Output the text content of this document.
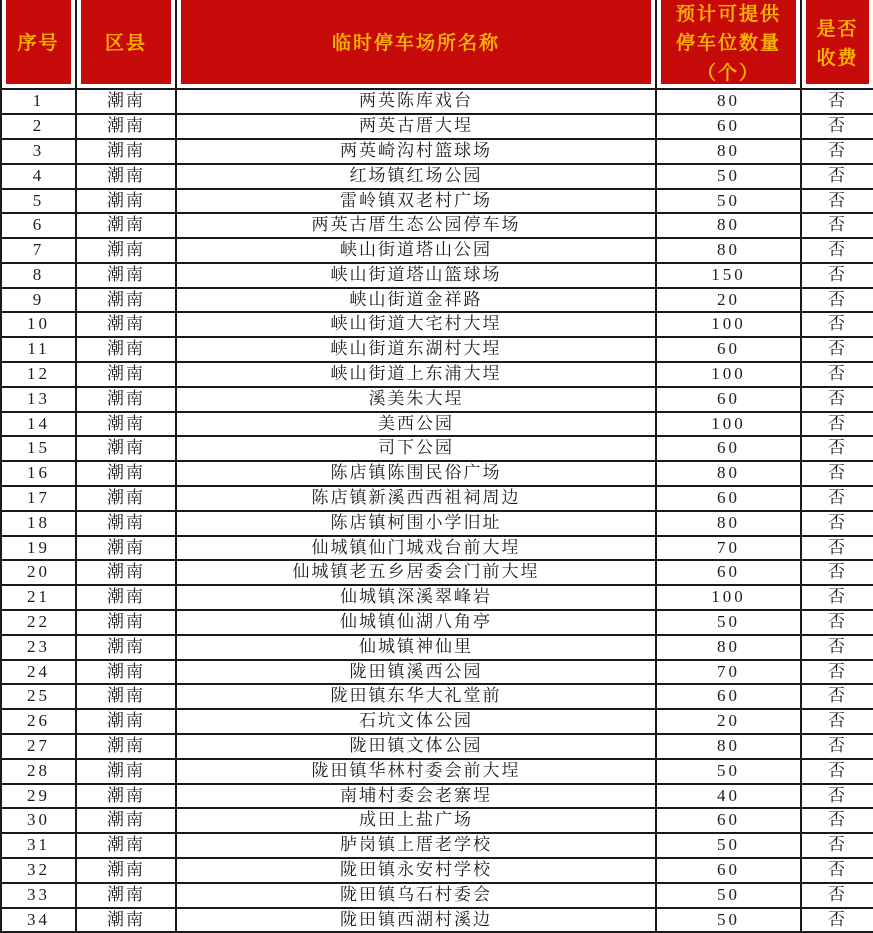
序号	区县	临时停车场所名称	预计可提供停车位数量（个）	是否收费
1	潮南	两英陈库戏台	80	否
2	潮南	两英古厝大埕	60	否
3	潮南	两英崎沟村篮球场	80	否
4	潮南	红场镇红场公园	50	否
5	潮南	雷岭镇双老村广场	50	否
6	潮南	两英古厝生态公园停车场	80	否
7	潮南	峡山街道塔山公园	80	否
8	潮南	峡山街道塔山篮球场	150	否
9	潮南	峡山街道金祥路	20	否
10	潮南	峡山街道大宅村大埕	100	否
11	潮南	峡山街道东湖村大埕	60	否
12	潮南	峡山街道上东浦大埕	100	否
13	潮南	溪美朱大埕	60	否
14	潮南	美西公园	100	否
15	潮南	司下公园	60	否
16	潮南	陈店镇陈围民俗广场	80	否
17	潮南	陈店镇新溪西西祖祠周边	60	否
18	潮南	陈店镇柯围小学旧址	80	否
19	潮南	仙城镇仙门城戏台前大埕	70	否
20	潮南	仙城镇老五乡居委会门前大埕	60	否
21	潮南	仙城镇深溪翠峰岩	100	否
22	潮南	仙城镇仙湖八角亭	50	否
23	潮南	仙城镇神仙里	80	否
24	潮南	陇田镇溪西公园	70	否
25	潮南	陇田镇东华大礼堂前	60	否
26	潮南	石坑文体公园	20	否
27	潮南	陇田镇文体公园	80	否
28	潮南	陇田镇华林村委会前大埕	50	否
29	潮南	南埔村委会老寨埕	40	否
30	潮南	成田上盐广场	60	否
31	潮南	胪岗镇上厝老学校	50	否
32	潮南	陇田镇永安村学校	60	否
33	潮南	陇田镇乌石村委会	50	否
34	潮南	陇田镇西湖村溪边	50	否
